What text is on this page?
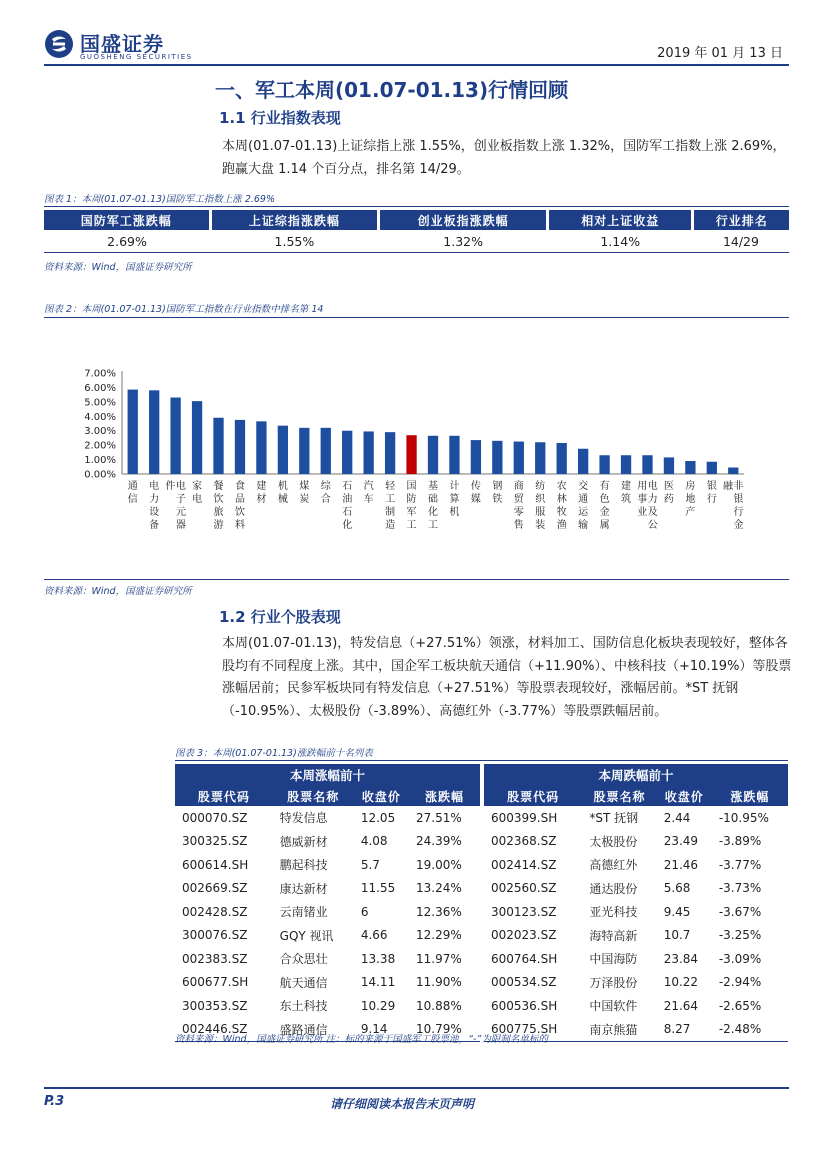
国盛证券
GUOSHENG SECURITIES	2019 年 01 月 13 日
一、军工本周(01.07-01.13)行情回顾
1.1 行业指数表现
本周(01.07-01.13)上证综指上涨 1.55%，创业板指数上涨 1.32%，国防军工指数上涨 2.69%，跑赢大盘 1.14 个百分点，排名第 14/29。
图表 1：本周(01.07-01.13)国防军工指数上涨 2.69%
国防军工涨跌幅	上证综指涨跌幅	创业板指涨跌幅	相对上证收益	行业排名
2.69%	1.55%	1.32%	1.14%	14/29
资料来源：Wind，国盛证券研究所
图表 2：本周(01.07-01.13)国防军工指数在行业指数中排名第 14
7.00%
6.00%
5.00%
4.00%
3.00%
2.00%
1.00%
0.00%
通信
电力设备
电子元器件	家电
餐饮旅游
食品饮料
建材
机械
煤炭
综合
石油石化
汽车
轻工制造
国防军工
基础化工
计算机
传媒
钢铁
商贸零售
纺织服装
农林牧渔
交通运输
有色金属
建筑
电力及公用事业
医药
房地产
银行
非银行金融
资料来源：Wind，国盛证券研究所
1.2 行业个股表现
本周(01.07-01.13)，特发信息（+27.51%）领涨，材料加工、国防信息化板块表现较好，整体各股均有不同程度上涨。其中，国企军工板块航天通信（+11.90%）、中核科技（+10.19%）等股票涨幅居前；民参军板块同有特发信息（+27.51%）等股票表现较好，涨幅居前。*ST 抚钢（-10.95%）、太极股份（-3.89%）、高德红外（-3.77%）等股票跌幅居前。
图表 3：本周(01.07-01.13)涨跌幅前十名列表
本周涨幅前十				本周跌幅前十			
股票代码	股票名称	收盘价	涨跌幅	股票代码	股票名称	收盘价	涨跌幅
000070.SZ	特发信息	12.05	27.51%	600399.SH	*ST 抚钢	2.44	-10.95%
300325.SZ	德威新材	4.08	24.39%	002368.SZ	太极股份	23.49	-3.89%
600614.SH	鹏起科技	5.7	19.00%	002414.SZ	高德红外	21.46	-3.77%
002669.SZ	康达新材	11.55	13.24%	002560.SZ	通达股份	5.68	-3.73%
002428.SZ	云南锗业	6	12.36%	300123.SZ	亚光科技	9.45	-3.67%
300076.SZ	GQY 视讯	4.66	12.29%	002023.SZ	海特高新	10.7	-3.25%
002383.SZ	合众思壮	13.38	11.97%	600764.SH	中国海防	23.84	-3.09%
600677.SH	航天通信	14.11	11.90%	000534.SZ	万泽股份	10.22	-2.94%
300353.SZ	东土科技	10.29	10.88%	600536.SH	中国软件	21.64	-2.65%
002446.SZ	盛路通信	9.14	10.79%	600775.SH	南京熊猫	8.27	-2.48%
资料来源：Wind，国盛证券研究所 注：标的来源于国盛军工股票池，“-”为限制名单标的
P.3	请仔细阅读本报告末页声明
